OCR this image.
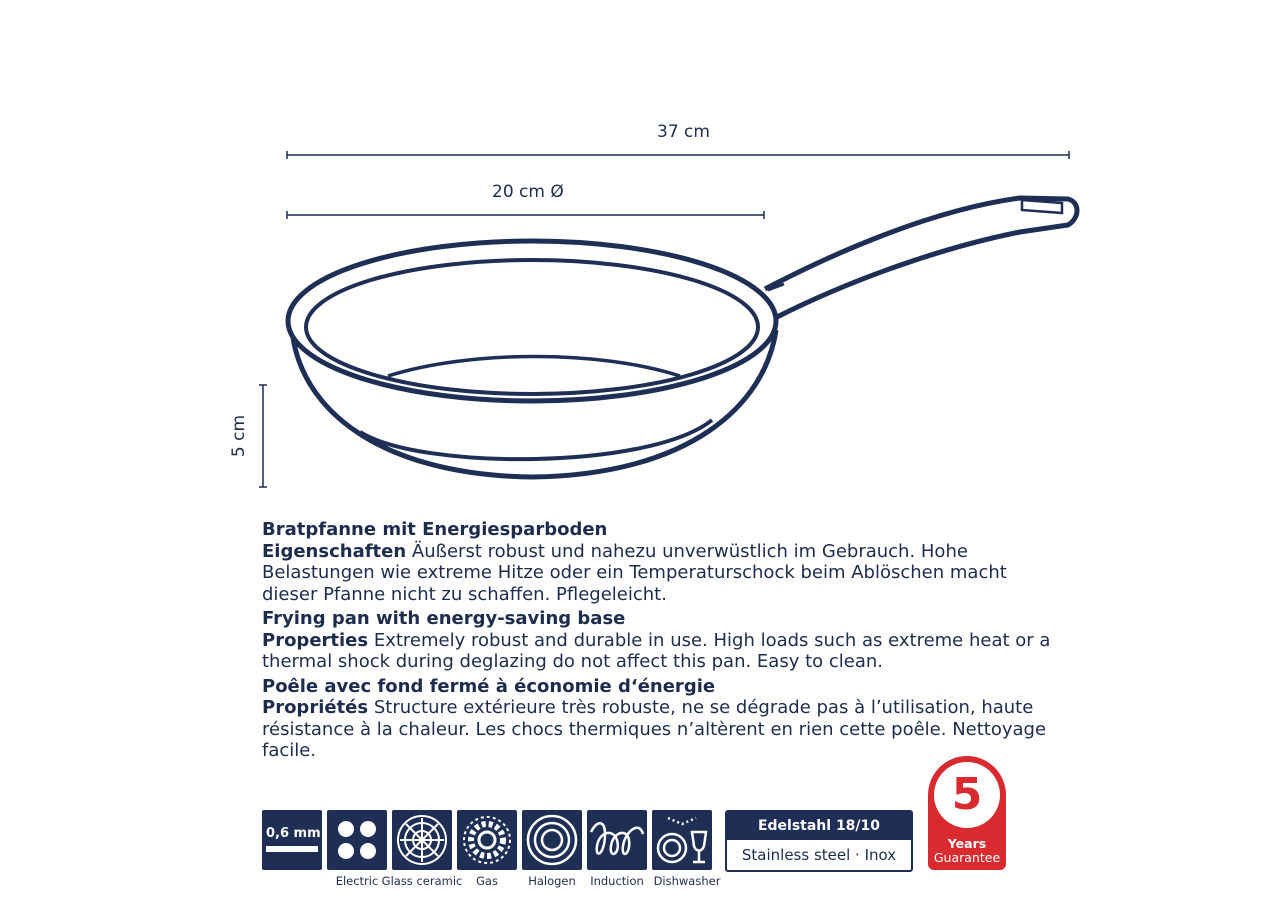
37 cm
20 cm Ø
5 cm

Bratpfanne mit Energiesparboden
Eigenschaften Äußerst robust und nahezu unverwüstlich im Gebrauch. Hohe Belastungen wie extreme Hitze oder ein Temperaturschock beim Ablöschen macht dieser Pfanne nicht zu schaffen. Pflegeleicht.

Frying pan with energy-saving base
Properties Extremely robust and durable in use. High loads such as extreme heat or a thermal shock during deglazing do not affect this pan. Easy to clean.

Poêle avec fond fermé à économie d‘énergie
Propriétés Structure extérieure très robuste, ne se dégrade pas à l’utilisation, haute résistance à la chaleur. Les chocs thermiques n’altèrent en rien cette poêle. Nettoyage facile.

0,6 mm
Electric Glass ceramic Gas	Halogen Induction Dishwasher
Edelstahl 18/10
Stainless steel · Inox
5
Years
Guarantee
